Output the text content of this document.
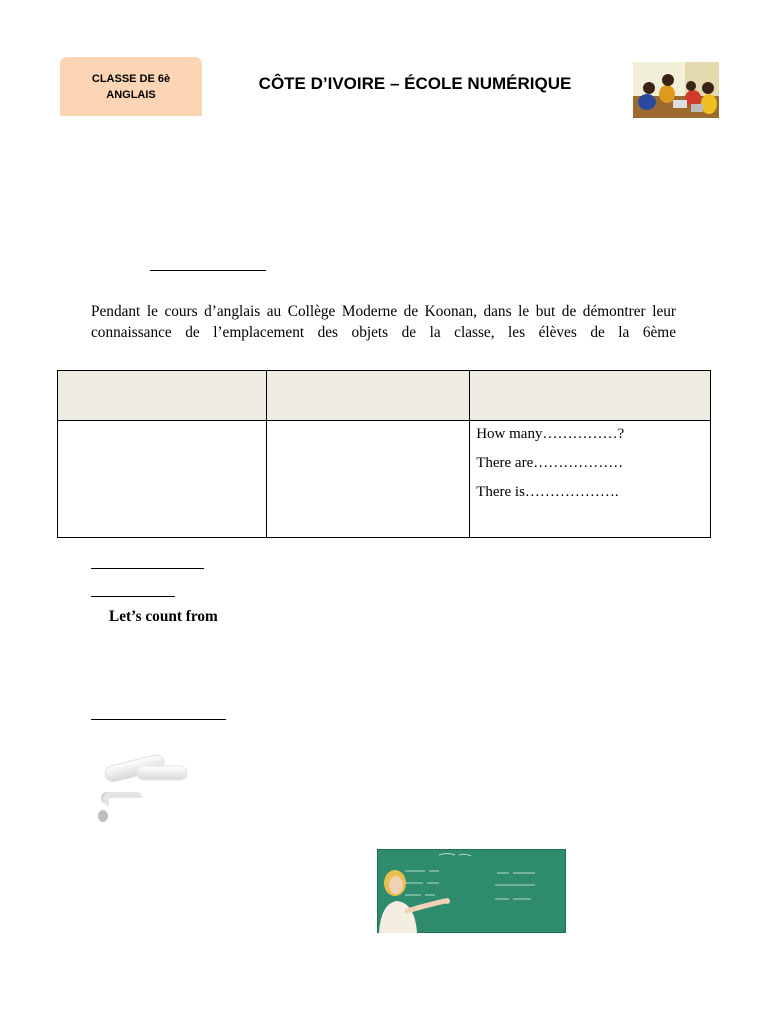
CLASSE DE 6è
ANGLAIS
CÔTE D’IVOIRE – ÉCOLE NUMÉRIQUE
Pendant le cours d’anglais au Collège Moderne de Koonan, dans le but de démontrer leur connaissance de l’emplacement des objets de la classe, les élèves de la 6ème

		How many……………?
There are………………
There is……………….
Let’s count from
